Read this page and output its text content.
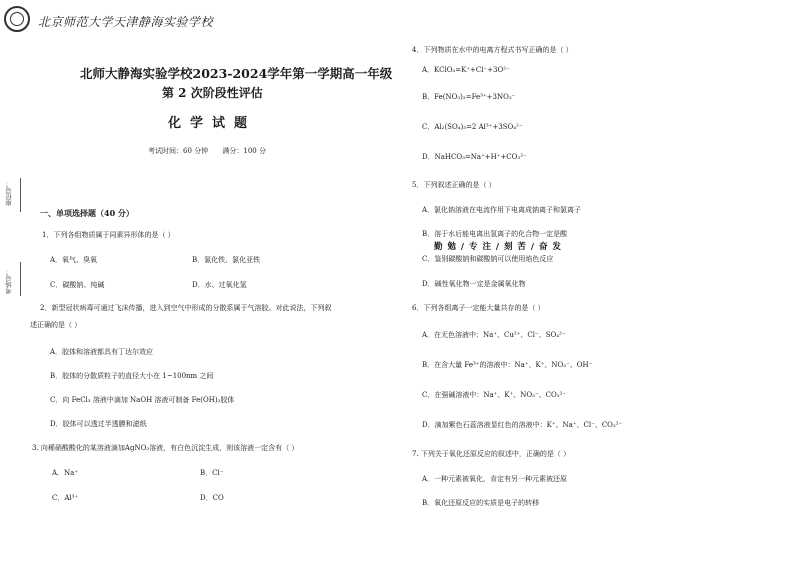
北京师范大学天津静海实验学校
座位号：
考场号：
北师大静海实验学校2023-2024学年第一学期高一年级
第 2 次阶段性评估
化学试题
考试时间：60 分钟 满分：100 分
一、单项选择题（40 分）
1．下列各组物质属于同素异形体的是（ ）
A．氧气、臭氧	B．氯化铁、氯化亚铁
C．碳酸钠、纯碱	D．水、过氧化氢
2．新型冠状病毒可通过飞沫传播，进入到空气中形成的分散系属于气溶胶。对此说法，下列叙
述正确的是（ ）
A．胶体和溶液都具有丁达尔效应
B．胶体的分散质粒子的直径大小在 1~100nm 之间
C．向 FeCl₃ 溶液中滴加 NaOH 溶液可制备 Fe(OH)₃胶体
D．胶体可以透过半透膜和滤纸
3. 向稀硝酸酸化的某溶液滴加AgNO₃溶液，有白色沉淀生成，则该溶液一定含有（ ）
A．Na⁺	B．Cl⁻
C．Al³⁺	D．CO
4．下列物质在水中的电离方程式书写正确的是（ ）
A．KClO₃=K⁺+Cl⁻+3O²⁻
B．Fe(NO₃)₃=Fe³⁺+3NO₃⁻
C．Al₂(SO₄)₃=2 Al³⁺+3SO₄²⁻
D．NaHCO₃=Na⁺+H⁺+CO₃²⁻
5．下列叙述正确的是（ ）
A．氯化钠溶液在电流作用下电离成钠离子和氯离子
B．溶于水后能电离出氢离子的化合物一定是酸
勤 勉 / 专 注 / 刻 苦 / 奋 发
C．鉴别碳酸钠和碳酸钠可以使用焰色反应
D．碱性氧化物一定是金属氧化物
6．下列各组离子一定能大量共存的是（ ）
A．在无色溶液中：Na⁺、Cu²⁺、Cl⁻、SO₄²⁻
B．在含大量 Fe³⁺的溶液中：Na⁺、K⁺、NO₃⁻、OH⁻
C．在强碱溶液中：Na⁺、K⁺、NO₃⁻、CO₃²⁻
D．滴加紫色石蕊溶液显红色的溶液中：K⁺、Na⁺、Cl⁻、CO₃²⁻
7. 下列关于氧化还原反应的叙述中，正确的是（ ）
A．一种元素被氧化，肯定有另一种元素被还原
B．氧化还原反应的实质是电子的转移
